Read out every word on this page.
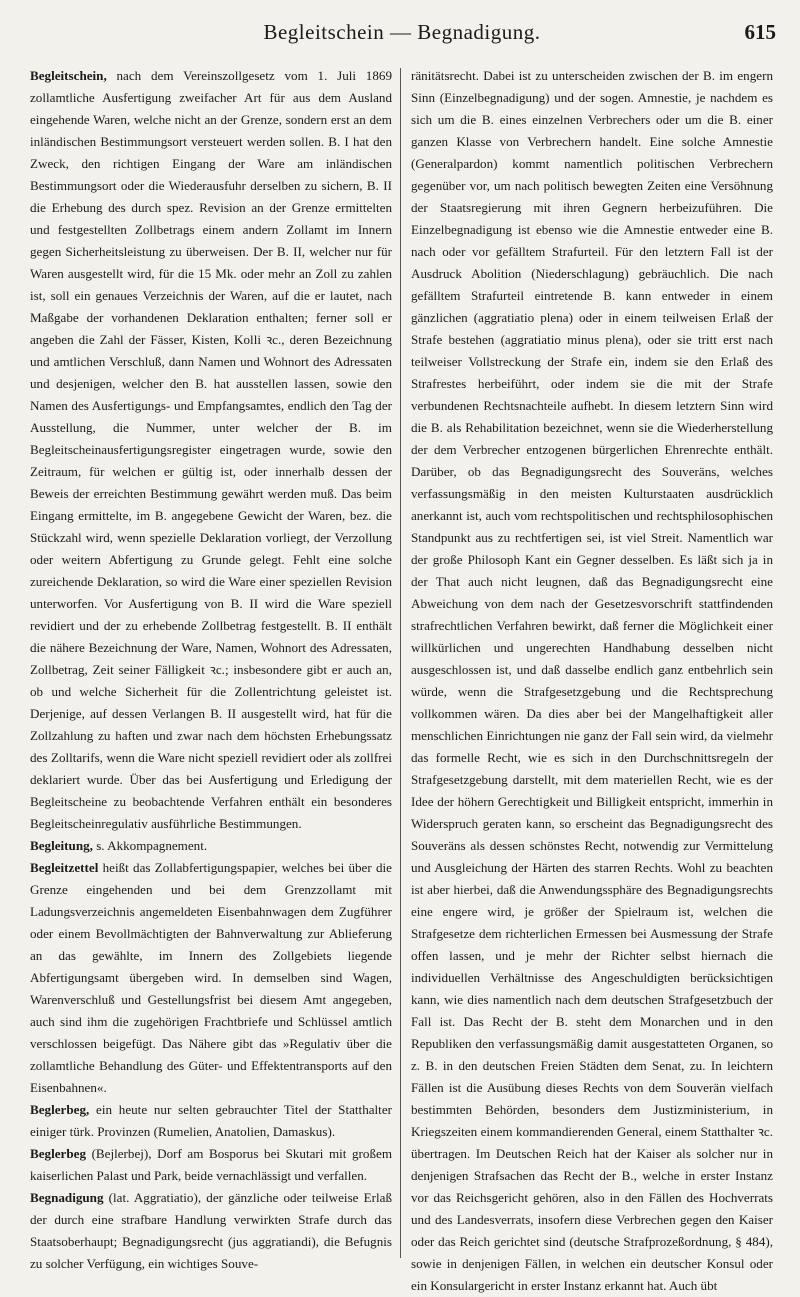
Begleitschein — Begnadigung.	615

Begleitschein, nach dem Vereinszollgesetz vom 1. Juli 1869 zollamtliche Ausfertigung zweifacher Art für aus dem Ausland eingehende Waren, welche nicht an der Grenze, sondern erst an dem inländischen Bestimmungsort versteuert werden sollen. B. I hat den Zweck, den richtigen Eingang der Ware am inländischen Bestimmungsort oder die Wiederausfuhr derselben zu sichern, B. II die Erhebung des durch spez. Revision an der Grenze ermittelten und festgestellten Zollbetrags einem andern Zollamt im Innern gegen Sicherheitsleistung zu überweisen. Der B. II, welcher nur für Waren ausgestellt wird, für die 15 Mk. oder mehr an Zoll zu zahlen ist, soll ein genaues Verzeichnis der Waren, auf die er lautet, nach Maßgabe der vorhandenen Deklaration enthalten; ferner soll er angeben die Zahl der Fässer, Kisten, Kolli ꝛc., deren Bezeichnung und amtlichen Verschluß, dann Namen und Wohnort des Adressaten und desjenigen, welcher den B. hat ausstellen lassen, sowie den Namen des Ausfertigungs- und Empfangsamtes, endlich den Tag der Ausstellung, die Nummer, unter welcher der B. im Begleitscheinausfertigungsregister eingetragen wurde, sowie den Zeitraum, für welchen er gültig ist, oder innerhalb dessen der Beweis der erreichten Bestimmung gewährt werden muß. Das beim Eingang ermittelte, im B. angegebene Gewicht der Waren, bez. die Stückzahl wird, wenn spezielle Deklaration vorliegt, der Verzollung oder weitern Abfertigung zu Grunde gelegt. Fehlt eine solche zureichende Deklaration, so wird die Ware einer speziellen Revision unterworfen. Vor Ausfertigung von B. II wird die Ware speziell revidiert und der zu erhebende Zollbetrag festgestellt. B. II enthält die nähere Bezeichnung der Ware, Namen, Wohnort des Adressaten, Zollbetrag, Zeit seiner Fälligkeit ꝛc.; insbesondere gibt er auch an, ob und welche Sicherheit für die Zollentrichtung geleistet ist. Derjenige, auf dessen Verlangen B. II ausgestellt wird, hat für die Zollzahlung zu haften und zwar nach dem höchsten Erhebungssatz des Zolltarifs, wenn die Ware nicht speziell revidiert oder als zollfrei deklariert wurde. Über das bei Ausfertigung und Erledigung der Begleitscheine zu beobachtende Verfahren enthält ein besonderes Begleitscheinregulativ ausführliche Bestimmungen.

Begleitung, s. Akkompagnement.

Begleitzettel heißt das Zollabfertigungspapier, welches bei über die Grenze eingehenden und bei dem Grenzzollamt mit Ladungsverzeichnis angemeldeten Eisenbahnwagen dem Zugführer oder einem Bevollmächtigten der Bahnverwaltung zur Ablieferung an das gewählte, im Innern des Zollgebiets liegende Abfertigungsamt übergeben wird. In demselben sind Wagen, Warenverschluß und Gestellungsfrist bei diesem Amt angegeben, auch sind ihm die zugehörigen Frachtbriefe und Schlüssel amtlich verschlossen beigefügt. Das Nähere gibt das »Regulativ über die zollamtliche Behandlung des Güter- und Effektentransports auf den Eisenbahnen«.

Beglerbeg, ein heute nur selten gebrauchter Titel der Statthalter einiger türk. Provinzen (Rumelien, Anatolien, Damaskus).

Beglerbeg (Bejlerbej), Dorf am Bosporus bei Skutari mit großem kaiserlichen Palast und Park, beide vernachlässigt und verfallen.

Begnadigung (lat. Aggratiatio), der gänzliche oder teilweise Erlaß der durch eine strafbare Handlung verwirkten Strafe durch das Staatsoberhaupt; Begnadigungsrecht (jus aggratiandi), die Befugnis zu solcher Verfügung, ein wichtiges Souve-

ränitätsrecht. Dabei ist zu unterscheiden zwischen der B. im engern Sinn (Einzelbegnadigung) und der sogen. Amnestie, je nachdem es sich um die B. eines einzelnen Verbrechers oder um die B. einer ganzen Klasse von Verbrechern handelt. Eine solche Amnestie (Generalpardon) kommt namentlich politischen Verbrechern gegenüber vor, um nach politisch bewegten Zeiten eine Versöhnung der Staatsregierung mit ihren Gegnern herbeizuführen. Die Einzelbegnadigung ist ebenso wie die Amnestie entweder eine B. nach oder vor gefälltem Strafurteil. Für den letztern Fall ist der Ausdruck Abolition (Niederschlagung) gebräuchlich. Die nach gefälltem Strafurteil eintretende B. kann entweder in einem gänzlichen (aggratiatio plena) oder in einem teilweisen Erlaß der Strafe bestehen (aggratiatio minus plena), oder sie tritt erst nach teilweiser Vollstreckung der Strafe ein, indem sie den Erlaß des Strafrestes herbeiführt, oder indem sie die mit der Strafe verbundenen Rechtsnachteile aufhebt. In diesem letztern Sinn wird die B. als Rehabilitation bezeichnet, wenn sie die Wiederherstellung der dem Verbrecher entzogenen bürgerlichen Ehrenrechte enthält. Darüber, ob das Begnadigungsrecht des Souveräns, welches verfassungsmäßig in den meisten Kulturstaaten ausdrücklich anerkannt ist, auch vom rechtspolitischen und rechtsphilosophischen Standpunkt aus zu rechtfertigen sei, ist viel Streit. Namentlich war der große Philosoph Kant ein Gegner desselben. Es läßt sich ja in der That auch nicht leugnen, daß das Begnadigungsrecht eine Abweichung von dem nach der Gesetzesvorschrift stattfindenden strafrechtlichen Verfahren bewirkt, daß ferner die Möglichkeit einer willkürlichen und ungerechten Handhabung desselben nicht ausgeschlossen ist, und daß dasselbe endlich ganz entbehrlich sein würde, wenn die Strafgesetzgebung und die Rechtsprechung vollkommen wären. Da dies aber bei der Mangelhaftigkeit aller menschlichen Einrichtungen nie ganz der Fall sein wird, da vielmehr das formelle Recht, wie es sich in den Durchschnittsregeln der Strafgesetzgebung darstellt, mit dem materiellen Recht, wie es der Idee der höhern Gerechtigkeit und Billigkeit entspricht, immerhin in Widerspruch geraten kann, so erscheint das Begnadigungsrecht des Souveräns als dessen schönstes Recht, notwendig zur Vermittelung und Ausgleichung der Härten des starren Rechts. Wohl zu beachten ist aber hierbei, daß die Anwendungssphäre des Begnadigungsrechts eine engere wird, je größer der Spielraum ist, welchen die Strafgesetze dem richterlichen Ermessen bei Ausmessung der Strafe offen lassen, und je mehr der Richter selbst hiernach die individuellen Verhältnisse des Angeschuldigten berücksichtigen kann, wie dies namentlich nach dem deutschen Strafgesetzbuch der Fall ist. Das Recht der B. steht dem Monarchen und in den Republiken den verfassungsmäßig damit ausgestatteten Organen, so z. B. in den deutschen Freien Städten dem Senat, zu. In leichtern Fällen ist die Ausübung dieses Rechts von dem Souverän vielfach bestimmten Behörden, besonders dem Justizministerium, in Kriegszeiten einem kommandierenden General, einem Statthalter ꝛc. übertragen. Im Deutschen Reich hat der Kaiser als solcher nur in denjenigen Strafsachen das Recht der B., welche in erster Instanz vor das Reichsgericht gehören, also in den Fällen des Hochverrats und des Landesverrats, insofern diese Verbrechen gegen den Kaiser oder das Reich gerichtet sind (deutsche Strafprozeßordnung, § 484), sowie in denjenigen Fällen, in welchen ein deutscher Konsul oder ein Konsulargericht in erster Instanz erkannt hat. Auch übt
